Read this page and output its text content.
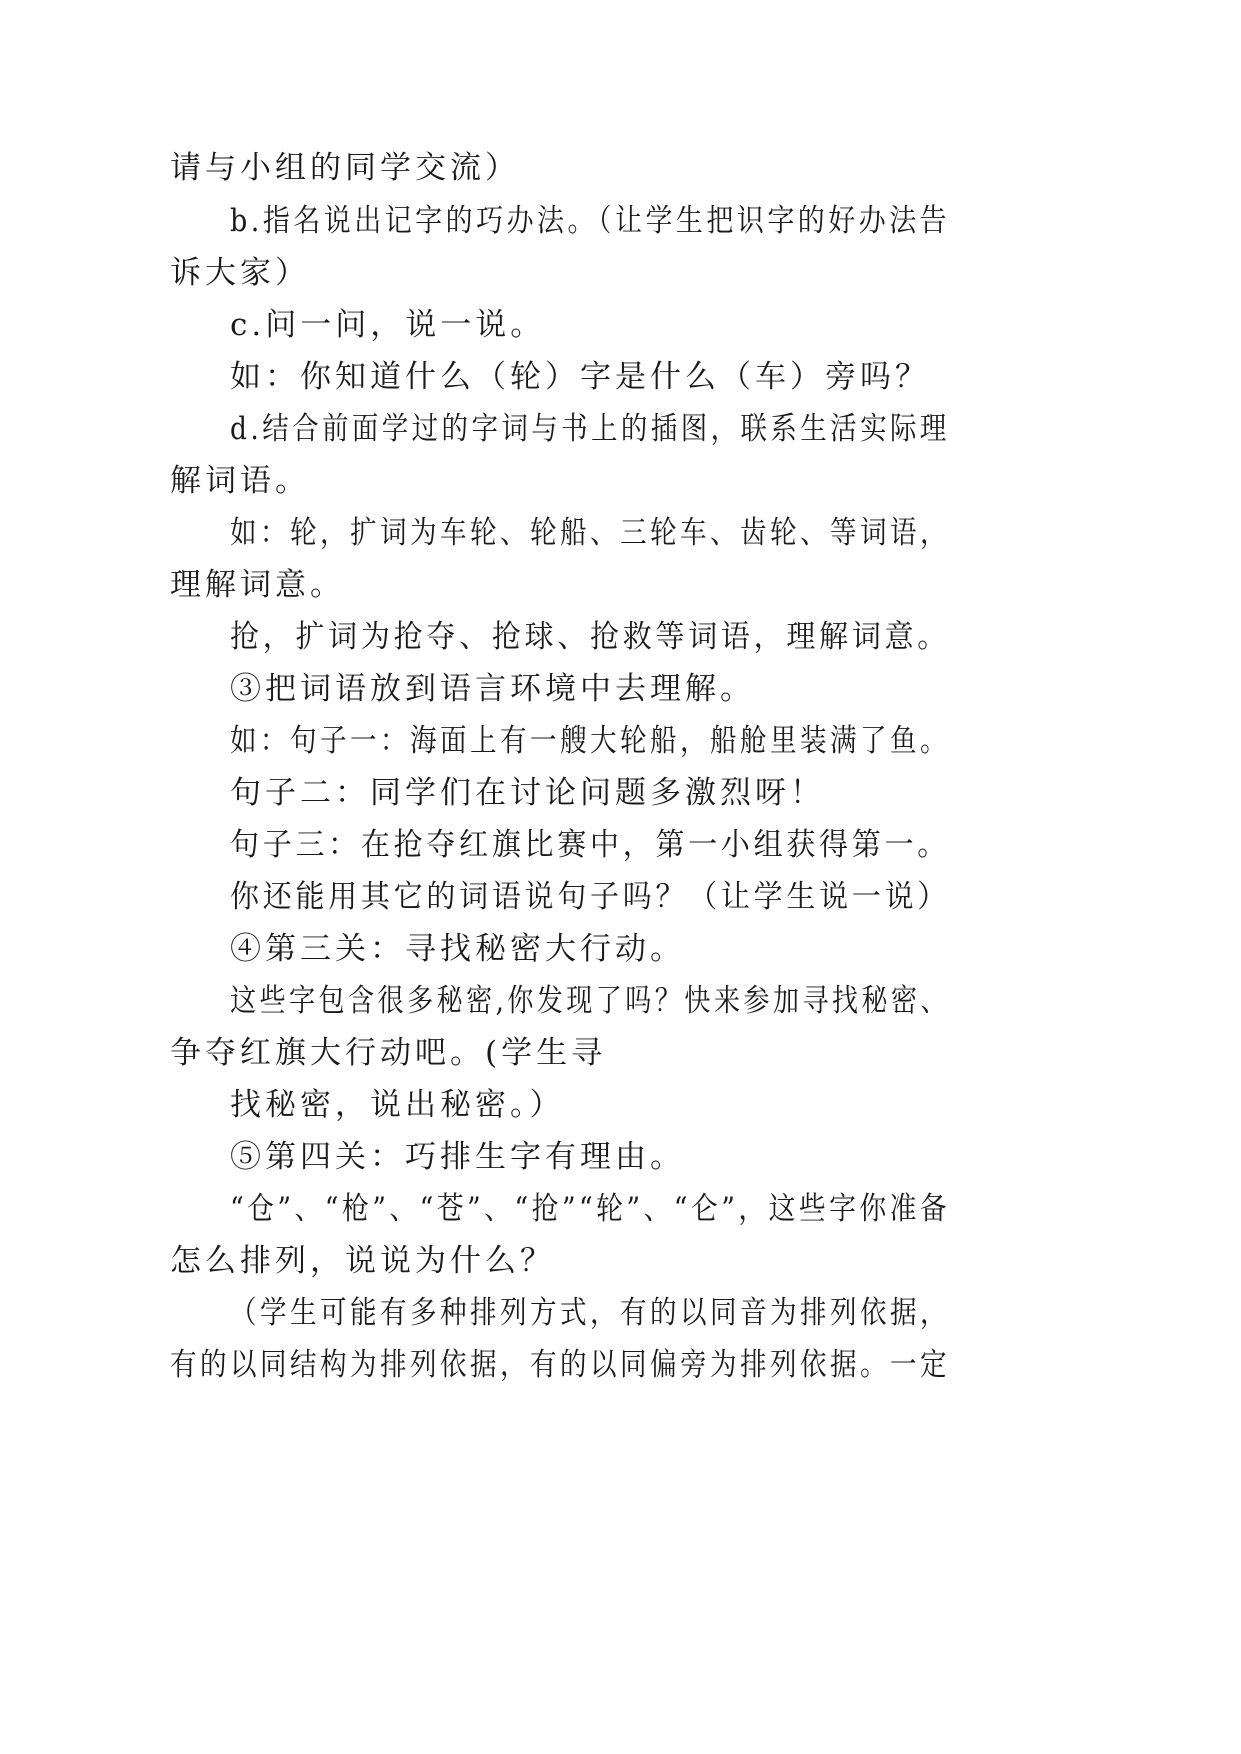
请与小组的同学交流）
b.指名说出记字的巧办法。（让学生把识字的好办法告
诉大家）
c.问一问，说一说。
如：你知道什么（轮）字是什么（车）旁吗？
d.结合前面学过的字词与书上的插图，联系生活实际理
解词语。
如：轮，扩词为车轮、轮船、三轮车、齿轮、等词语，
理解词意。
抢，扩词为抢夺、抢球、抢救等词语，理解词意。
③把词语放到语言环境中去理解。
如：句子一：海面上有一艘大轮船，船舱里装满了鱼。
句子二：同学们在讨论问题多激烈呀！
句子三：在抢夺红旗比赛中，第一小组获得第一。
你还能用其它的词语说句子吗？（让学生说一说）
④第三关：寻找秘密大行动。
这些字包含很多秘密,你发现了吗？快来参加寻找秘密、
争夺红旗大行动吧。(学生寻
找秘密，说出秘密。）
⑤第四关：巧排生字有理由。
“仓”、“枪”、“苍”、“抢”“轮”、“仑”，这些字你准备
怎么排列，说说为什么？
（学生可能有多种排列方式，有的以同音为排列依据，
有的以同结构为排列依据，有的以同偏旁为排列依据。一定
